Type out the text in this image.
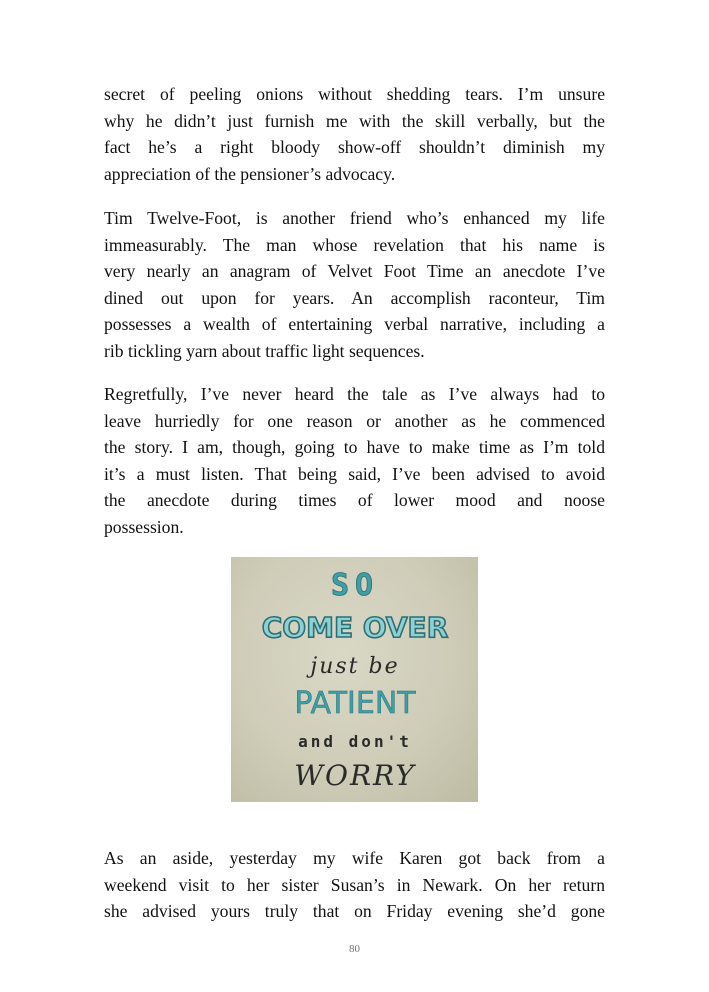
secret of peeling onions without shedding tears. I’m unsure
why he didn’t just furnish me with the skill verbally, but the
fact he’s a right bloody show-off shouldn’t diminish my
appreciation of the pensioner’s advocacy.

Tim Twelve-Foot, is another friend who’s enhanced my life
immeasurably. The man whose revelation that his name is
very nearly an anagram of Velvet Foot Time an anecdote I’ve
dined out upon for years. An accomplish raconteur, Tim
possesses a wealth of entertaining verbal narrative, including a
rib tickling yarn about traffic light sequences.

Regretfully, I’ve never heard the tale as I’ve always had to
leave hurriedly for one reason or another as he commenced
the story. I am, though, going to have to make time as I’m told
it’s a must listen. That being said, I’ve been advised to avoid
the anecdote during times of lower mood and noose
possession.

SO
COME OVER
just be
PATIENT
and don't
WORRY

As an aside, yesterday my wife Karen got back from a
weekend visit to her sister Susan’s in Newark. On her return
she advised yours truly that on Friday evening she’d gone

80
